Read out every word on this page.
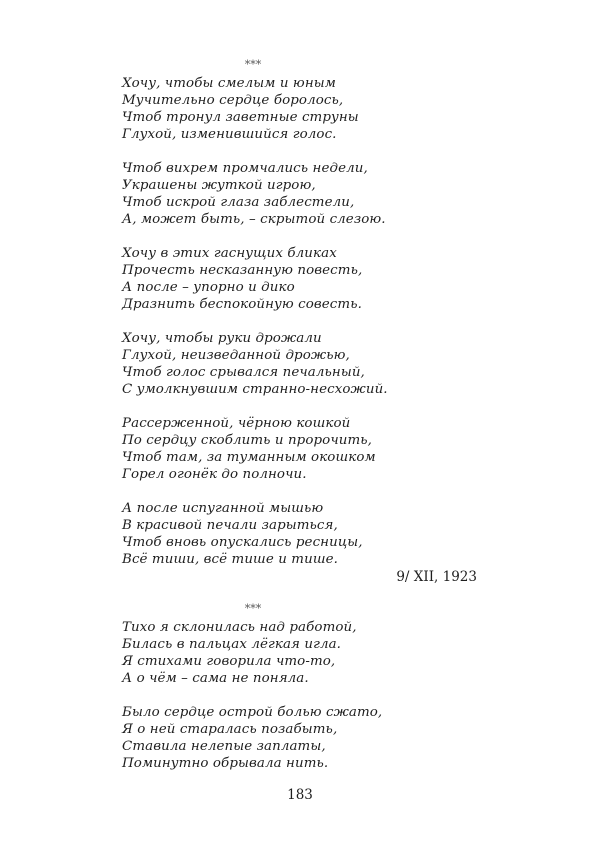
***
Хочу, чтобы смелым и юным
Мучительно сердце боролось,
Чтоб тронул заветные струны
Глухой, изменившийся голос.
Чтоб вихрем промчались недели,
Украшены жуткой игрою,
Чтоб искрой глаза заблестели,
А, может быть, – скрытой слезою.
Хочу в этих гаснущих бликах
Прочесть несказанную повесть,
А после – упорно и дико
Дразнить беспокойную совесть.
Хочу, чтобы руки дрожали
Глухой, неизведанной дрожью,
Чтоб голос срывался печальный,
С умолкнувшим странно-несхожий.
Рассерженной, чёрною кошкой
По сердцу скоблить и пророчить,
Чтоб там, за туманным окошком
Горел огонёк до полночи.
А после испуганной мышью
В красивой печали зарыться,
Чтоб вновь опускались ресницы,
Всё тиши, всё тише и тише.
9/ XII, 1923
***
Тихо я склонилась над работой,
Билась в пальцах лёгкая игла.
Я стихами говорила что-то,
А о чём – сама не поняла.
Было сердце острой болью сжато,
Я о ней старалась позабыть,
Ставила нелепые заплаты,
Поминутно обрывала нить.
183
